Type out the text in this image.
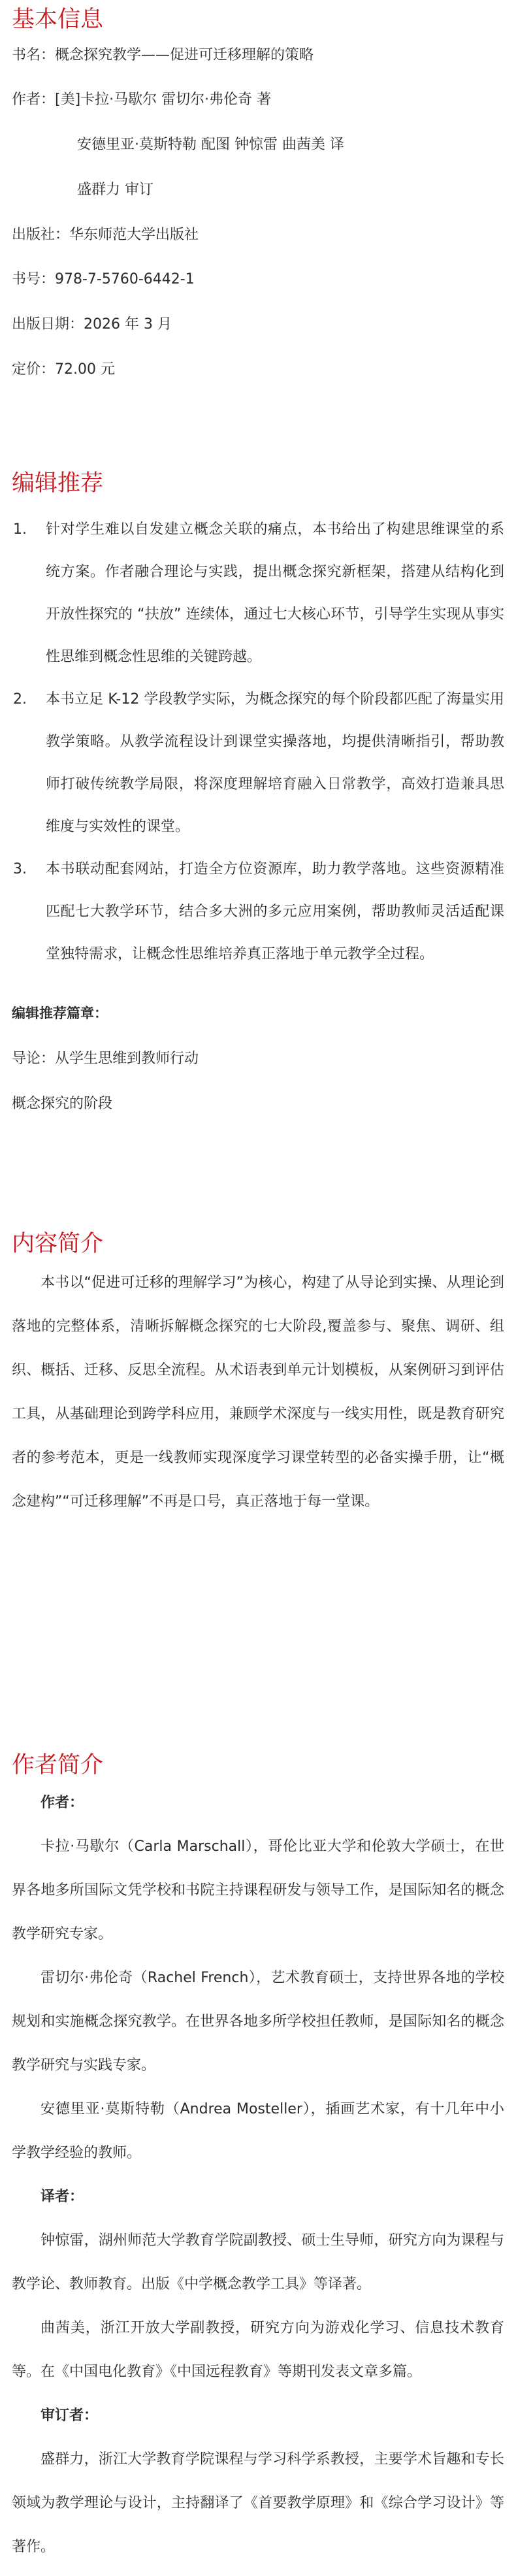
基本信息

书名：概念探究教学——促进可迁移理解的策略

作者：[美]卡拉·马歇尔 雷切尔·弗伦奇 著

安德里亚·莫斯特勒 配图 钟惊雷 曲茜美 译

盛群力 审订

出版社：华东师范大学出版社

书号：978-7-5760-6442-1

出版日期：2026 年 3 月

定价：72.00 元

编辑推荐
1.	针对学生难以自发建立概念关联的痛点，本书给出了构建思维课堂的系统方案。作者融合理论与实践，提出概念探究新框架，搭建从结构化到开放性探究的 “扶放” 连续体，通过七大核心环节，引导学生实现从事实性思维到概念性思维的关键跨越。
2.	本书立足 K-12 学段教学实际，为概念探究的每个阶段都匹配了海量实用教学策略。从教学流程设计到课堂实操落地，均提供清晰指引，帮助教师打破传统教学局限，将深度理解培育融入日常教学，高效打造兼具思维度与实效性的课堂。
3.	本书联动配套网站，打造全方位资源库，助力教学落地。这些资源精准匹配七大教学环节，结合多大洲的多元应用案例，帮助教师灵活适配课堂独特需求，让概念性思维培养真正落地于单元教学全过程。

编辑推荐篇章：

导论：从学生思维到教师行动

概念探究的阶段

内容简介

本书以“促进可迁移的理解学习”为核心，构建了从导论到实操、从理论到落地的完整体系，清晰拆解概念探究的七大阶段,覆盖参与、聚焦、调研、组织、概括、迁移、反思全流程。从术语表到单元计划模板，从案例研习到评估工具，从基础理论到跨学科应用，兼顾学术深度与一线实用性，既是教育研究者的参考范本，更是一线教师实现深度学习课堂转型的必备实操手册，让“概念建构”“可迁移理解”不再是口号，真正落地于每一堂课。

作者简介

作者：

卡拉·马歇尔（Carla Marschall），哥伦比亚大学和伦敦大学硕士，在世界各地多所国际文凭学校和书院主持课程研发与领导工作，是国际知名的概念教学研究专家。

雷切尔·弗伦奇（Rachel French），艺术教育硕士，支持世界各地的学校规划和实施概念探究教学。在世界各地多所学校担任教师，是国际知名的概念教学研究与实践专家。

安德里亚·莫斯特勒（Andrea Mosteller），插画艺术家，有十几年中小学教学经验的教师。

译者：

钟惊雷，湖州师范大学教育学院副教授、硕士生导师，研究方向为课程与教学论、教师教育。出版《中学概念教学工具》等译著。

曲茜美，浙江开放大学副教授，研究方向为游戏化学习、信息技术教育等。在《中国电化教育》《中国远程教育》等期刊发表文章多篇。

审订者：

盛群力，浙江大学教育学院课程与学习科学系教授，主要学术旨趣和专长领域为教学理论与设计，主持翻译了《首要教学原理》和《综合学习设计》等著作。
